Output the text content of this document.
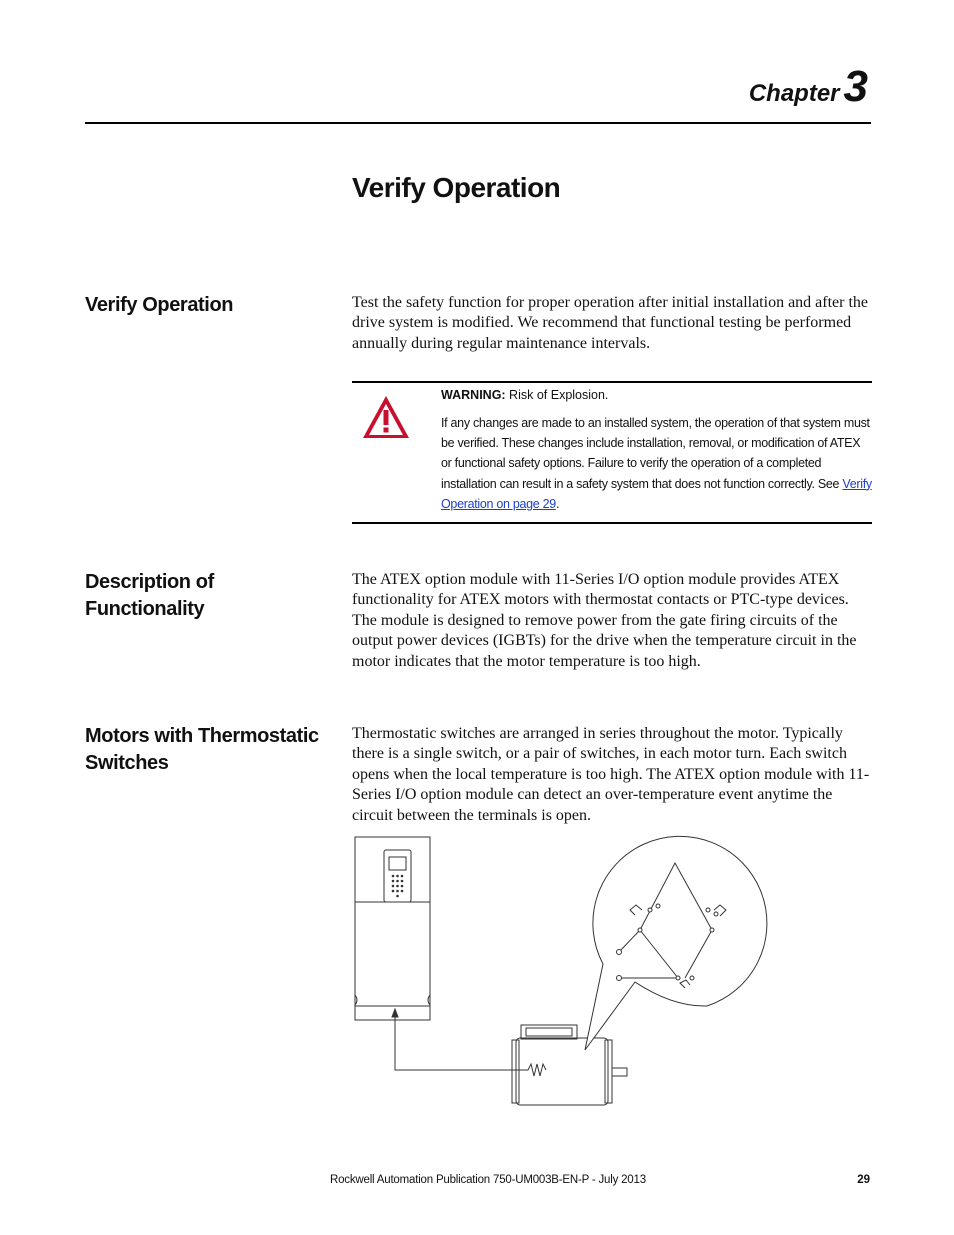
Chapter3
Verify Operation
Verify Operation	Test the safety function for proper operation after initial installation and after the drive system is modified. We recommend that functional testing be performed annually during regular maintenance intervals.
WARNING: Risk of Explosion.
If any changes are made to an installed system, the operation of that system must be verified. These changes include installation, removal, or modification of ATEX or functional safety options. Failure to verify the operation of a completed installation can result in a safety system that does not function correctly. See Verify Operation on page 29.
Description of Functionality
The ATEX option module with 11-Series I/O option module provides ATEX functionality for ATEX motors with thermostat contacts or PTC-type devices. The module is designed to remove power from the gate firing circuits of the output power devices (IGBTs) for the drive when the temperature circuit in the motor indicates that the motor temperature is too high.
Motors with Thermostatic Switches
Thermostatic switches are arranged in series throughout the motor. Typically there is a single switch, or a pair of switches, in each motor turn. Each switch opens when the local temperature is too high. The ATEX option module with 11-Series I/O option module can detect an over-temperature event anytime the circuit between the terminals is open.
Rockwell Automation Publication 750-UM003B-EN-P - July 2013	29
